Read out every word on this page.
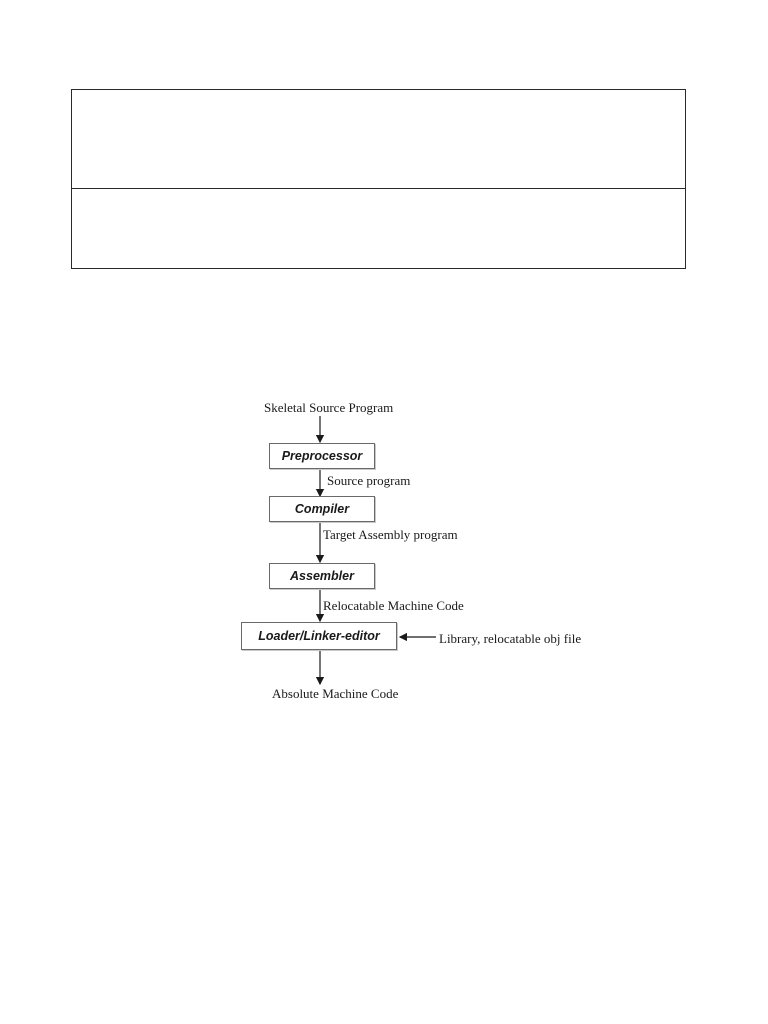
Skeletal Source Program
Preprocessor
Source program
Compiler
Target Assembly program
Assembler
Relocatable Machine Code
Loader/Linker-editor	Library, relocatable obj file
Absolute Machine Code
